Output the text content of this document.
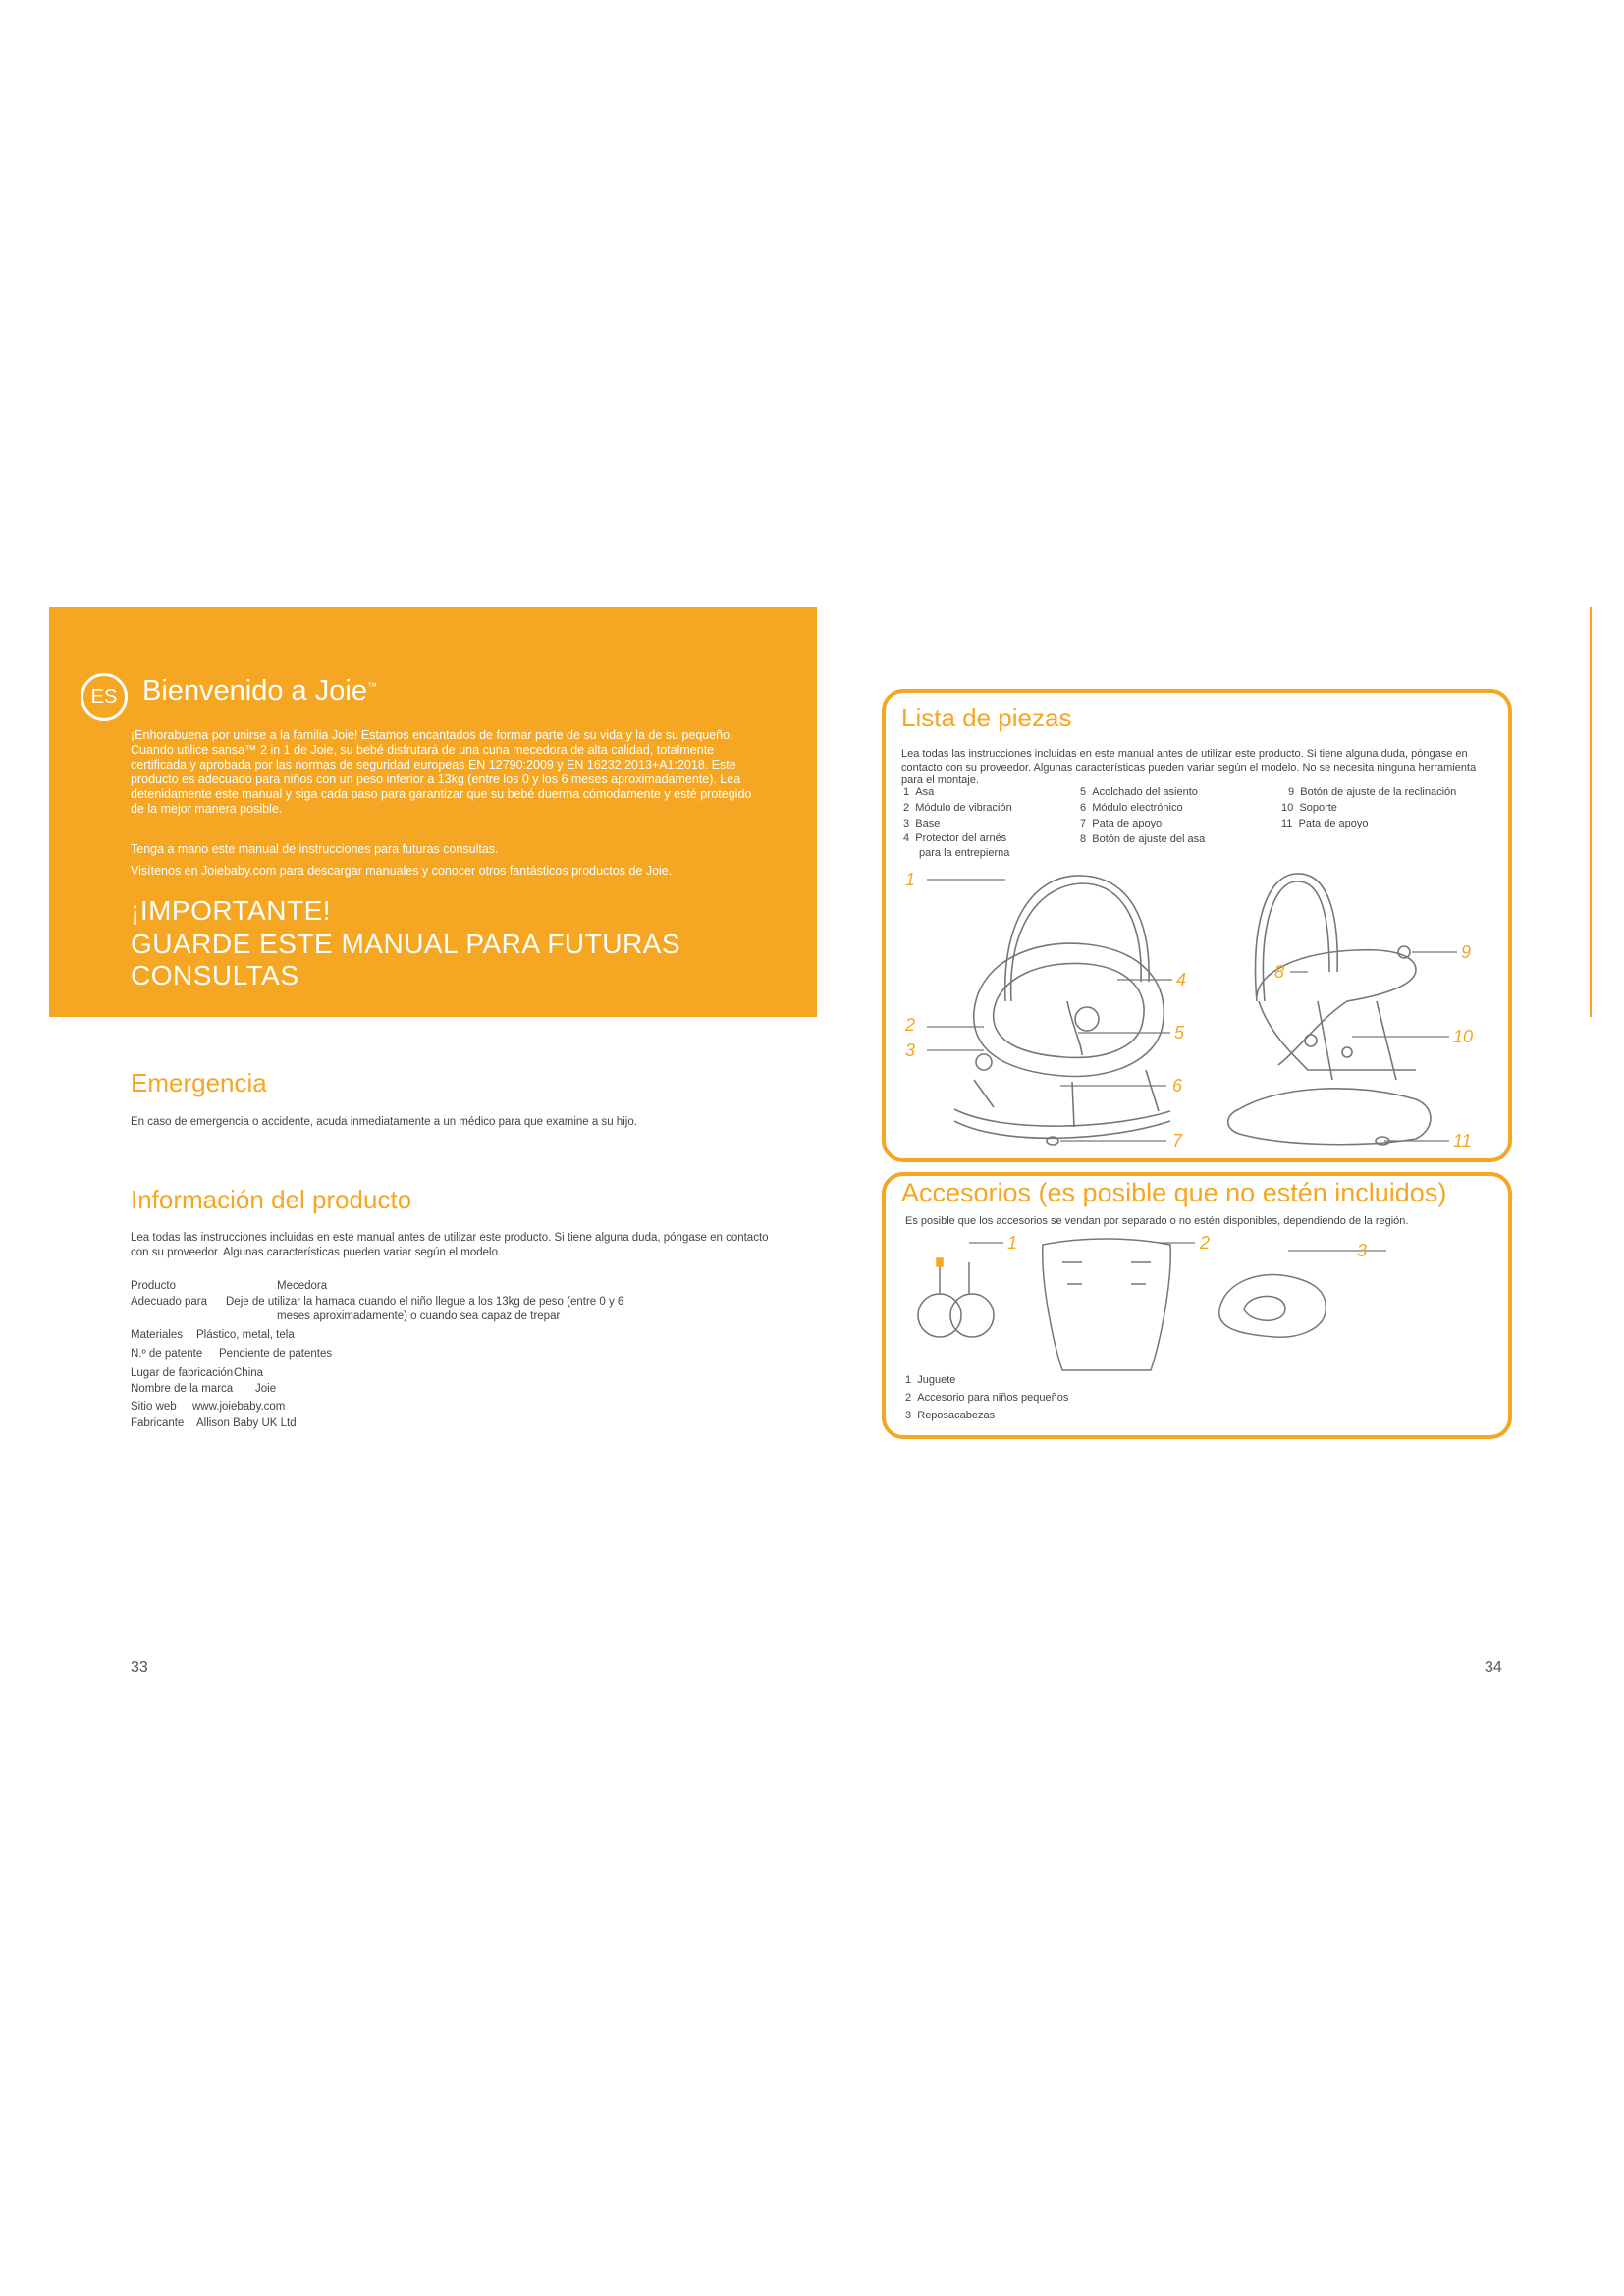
ES Bienvenido a Joie™
¡Enhorabuena por unirse a la familia Joie! Estamos encantados de formar parte de su vida y la de su pequeño. Cuando utilice sansa™ 2 in 1 de Joie, su bebé disfrutará de una cuna mecedora de alta calidad, totalmente certificada y aprobada por las normas de seguridad europeas EN 12790:2009 y EN 16232:2013+A1:2018. Este producto es adecuado para niños con un peso inferior a 13kg (entre los 0 y los 6 meses aproximadamente). Lea detenidamente este manual y siga cada paso para garantizar que su bebé duerma cómodamente y esté protegido de la mejor manera posible.
Tenga a mano este manual de instrucciones para futuras consultas.
Visítenos en Joiebaby.com para descargar manuales y conocer otros fantásticos productos de Joie.
¡IMPORTANTE!
GUARDE ESTE MANUAL PARA FUTURAS
CONSULTAS
Emergencia
En caso de emergencia o accidente, acuda inmediatamente a un médico para que examine a su hijo.
Información del producto
Lea todas las instrucciones incluidas en este manual antes de utilizar este producto. Si tiene alguna duda, póngase en contacto con su proveedor. Algunas características pueden variar según el modelo.
Producto	Mecedora
Adecuado para Deje de utilizar la hamaca cuando el niño llegue a los 13kg de peso (entre 0 y 6
meses aproximadamente) o cuando sea capaz de trepar
Materiales Plástico, metal, tela
N.º de patente Pendiente de patentes
Lugar de fabricación China
Nombre de la marca Joie
Sitio web www.joiebaby.com
Fabricante Allison Baby UK Ltd
33
Lista de piezas
Lea todas las instrucciones incluidas en este manual antes de utilizar este producto. Si tiene alguna duda, póngase en contacto con su proveedor. Algunas características pueden variar según el modelo. No se necesita ninguna herramienta para el montaje.
1 Asa
2 Módulo de vibración
3 Base
4 Protector del arnés
para la entrepierna
5 Acolchado del asiento
6 Módulo electrónico
7 Pata de apoyo
8 Botón de ajuste del asa
9 Botón de ajuste de la reclinación
10 Soporte
11 Pata de apoyo
1
2
3
4
5
6
7
8
9
10
11
Accesorios (es posible que no estén incluidos)
Es posible que los accesorios se vendan por separado o no estén disponibles, dependiendo de la región.
1	2	3
1 Juguete
2 Accesorio para niños pequeños
3 Reposacabezas
34
